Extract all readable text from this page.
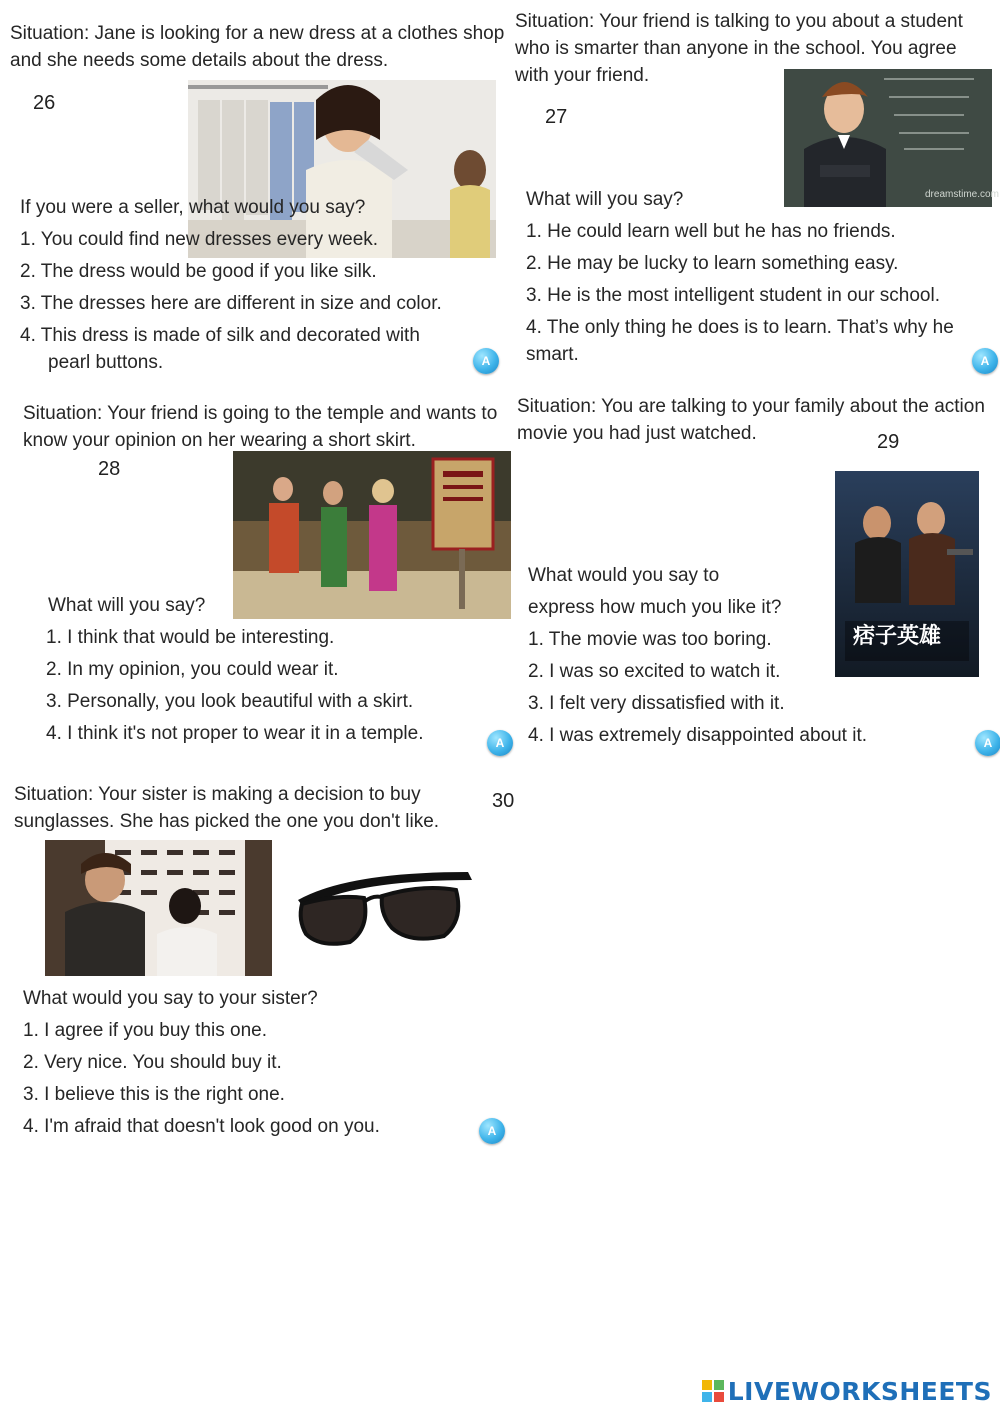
Situation: Jane is looking for a new dress at a clothes shop and she needs some details about the dress.
26
If you were a seller, what would you say?
1. You could find new dresses every week.
2. The dress would be good if you like silk.
3. The dresses here are different in size and color.
4. This dress is made of silk and decorated with
pearl buttons.	A
Situation: Your friend is talking to you about a student who is smarter than anyone in the school. You agree with your friend.
27
dreamstime.com
What will you say?
1. He could learn well but he has no friends.
2. He may be lucky to learn something easy.
3. He is the most intelligent student in our school.
4. The only thing he does is to learn. That’s why he
smart.	A
Situation: Your friend is going to the temple and wants to know your opinion on her wearing a short skirt.
28
What will you say?
1. I think that would be interesting.
2. In my opinion, you could wear it.
3. Personally, you look beautiful with a skirt.
4. I think it's not proper to wear it in a temple.	A
Situation: You are talking to your family about the action movie you had just watched.	29
痞子英雄
What would you say to
express how much you like it?
1. The movie was too boring.
2. I was so excited to watch it.
3. I felt very dissatisfied with it.
4. I was extremely disappointed about it.	A
Situation: Your sister is making a decision to buy sunglasses. She has picked the one you don't like.
30
What would you say to your sister?
1. I agree if you buy this one.
2. Very nice. You should buy it.
3. I believe this is the right one.
4. I'm afraid that doesn't look good on you.	A
LIVEWORKSHEETS
